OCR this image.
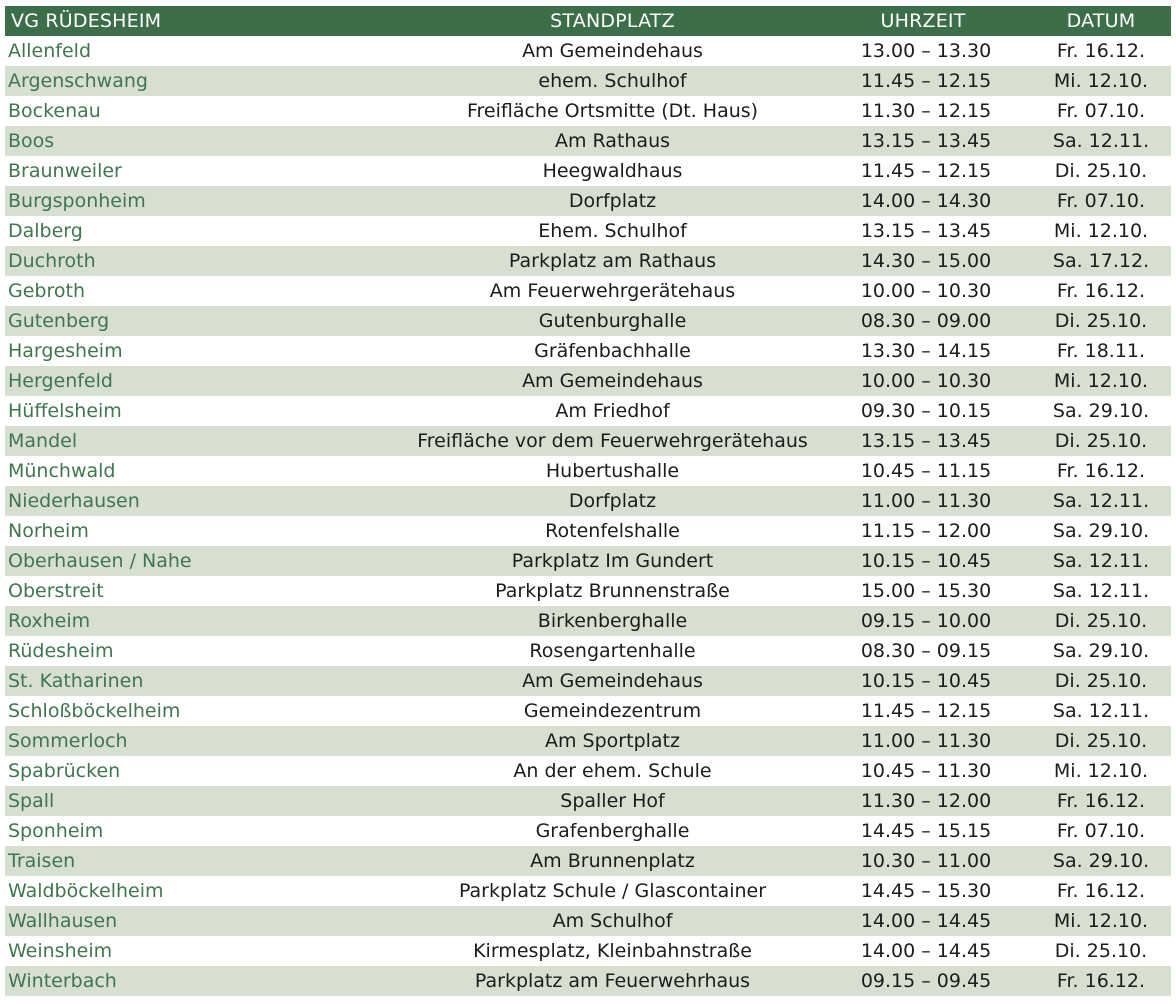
VG RÜDESHEIM	STANDPLATZ	UHRZEIT	DATUM
Allenfeld	Am Gemeindehaus	13.00 – 13.30	Fr. 16.12.
Argenschwang	ehem. Schulhof	11.45 – 12.15	Mi. 12.10.
Bockenau	Freifläche Ortsmitte (Dt. Haus)	11.30 – 12.15	Fr. 07.10.
Boos	Am Rathaus	13.15 – 13.45	Sa. 12.11.
Braunweiler	Heegwaldhaus	11.45 – 12.15	Di. 25.10.
Burgsponheim	Dorfplatz	14.00 – 14.30	Fr. 07.10.
Dalberg	Ehem. Schulhof	13.15 – 13.45	Mi. 12.10.
Duchroth	Parkplatz am Rathaus	14.30 – 15.00	Sa. 17.12.
Gebroth	Am Feuerwehrgerätehaus	10.00 – 10.30	Fr. 16.12.
Gutenberg	Gutenburghalle	08.30 – 09.00	Di. 25.10.
Hargesheim	Gräfenbachhalle	13.30 – 14.15	Fr. 18.11.
Hergenfeld	Am Gemeindehaus	10.00 – 10.30	Mi. 12.10.
Hüffelsheim	Am Friedhof	09.30 – 10.15	Sa. 29.10.
Mandel	Freifläche vor dem Feuerwehrgerätehaus	13.15 – 13.45	Di. 25.10.
Münchwald	Hubertushalle	10.45 – 11.15	Fr. 16.12.
Niederhausen	Dorfplatz	11.00 – 11.30	Sa. 12.11.
Norheim	Rotenfelshalle	11.15 – 12.00	Sa. 29.10.
Oberhausen / Nahe	Parkplatz Im Gundert	10.15 – 10.45	Sa. 12.11.
Oberstreit	Parkplatz Brunnenstraße	15.00 – 15.30	Sa. 12.11.
Roxheim	Birkenberghalle	09.15 – 10.00	Di. 25.10.
Rüdesheim	Rosengartenhalle	08.30 – 09.15	Sa. 29.10.
St. Katharinen	Am Gemeindehaus	10.15 – 10.45	Di. 25.10.
Schloßböckelheim	Gemeindezentrum	11.45 – 12.15	Sa. 12.11.
Sommerloch	Am Sportplatz	11.00 – 11.30	Di. 25.10.
Spabrücken	An der ehem. Schule	10.45 – 11.30	Mi. 12.10.
Spall	Spaller Hof	11.30 – 12.00	Fr. 16.12.
Sponheim	Grafenberghalle	14.45 – 15.15	Fr. 07.10.
Traisen	Am Brunnenplatz	10.30 – 11.00	Sa. 29.10.
Waldböckelheim	Parkplatz Schule / Glascontainer	14.45 – 15.30	Fr. 16.12.
Wallhausen	Am Schulhof	14.00 – 14.45	Mi. 12.10.
Weinsheim	Kirmesplatz, Kleinbahnstraße	14.00 – 14.45	Di. 25.10.
Winterbach	Parkplatz am Feuerwehrhaus	09.15 – 09.45	Fr. 16.12.
